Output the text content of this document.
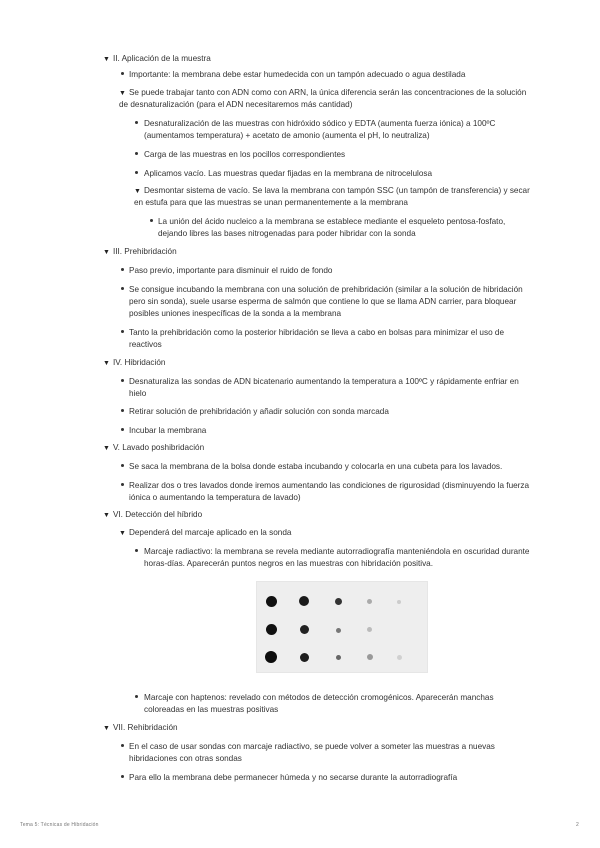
▼ II. Aplicación de la muestra
Importante: la membrana debe estar humedecida con un tampón adecuado o agua destilada
▼ Se puede trabajar tanto con ADN como con ARN, la única diferencia serán las concentraciones de la solución
de desnaturalización (para el ADN necesitaremos más cantidad)
Desnaturalización de las muestras con hidróxido sódico y EDTA (aumenta fuerza iónica) a 100ºC
(aumentamos temperatura) + acetato de amonio (aumenta el pH, lo neutraliza)
Carga de las muestras en los pocillos correspondientes
Aplicamos vacío. Las muestras quedar fijadas en la membrana de nitrocelulosa
▼ Desmontar sistema de vacío. Se lava la membrana con tampón SSC (un tampón de transferencia) y secar
en estufa para que las muestras se unan permanentemente a la membrana
La unión del ácido nucleico a la membrana se establece mediante el esqueleto pentosa-fosfato,
dejando libres las bases nitrogenadas para poder hibridar con la sonda
▼ III. Prehibridación
Paso previo, importante para disminuir el ruido de fondo
Se consigue incubando la membrana con una solución de prehibridación (similar a la solución de hibridación
pero sin sonda), suele usarse esperma de salmón que contiene lo que se llama ADN carrier, para bloquear
posibles uniones inespecíficas de la sonda a la membrana
Tanto la prehibridación como la posterior hibridación se lleva a cabo en bolsas para minimizar el uso de
reactivos
▼ IV. Hibridación
Desnaturaliza las sondas de ADN bicatenario aumentando la temperatura a 100ºC y rápidamente enfriar en
hielo
Retirar solución de prehibridación y añadir solución con sonda marcada
Incubar la membrana
▼ V. Lavado poshibridación
Se saca la membrana de la bolsa donde estaba incubando y colocarla en una cubeta para los lavados.
Realizar dos o tres lavados donde iremos aumentando las condiciones de rigurosidad (disminuyendo la fuerza
iónica o aumentando la temperatura de lavado)
▼ VI. Detección del híbrido
▼ Dependerá del marcaje aplicado en la sonda
Marcaje radiactivo: la membrana se revela mediante autorradiografía manteniéndola en oscuridad durante
horas-días. Aparecerán puntos negros en las muestras con hibridación positiva.
Marcaje con haptenos: revelado con métodos de detección cromogénicos. Aparecerán manchas
coloreadas en las muestras positivas
▼ VII. Rehibridación
En el caso de usar sondas con marcaje radiactivo, se puede volver a someter las muestras a nuevas
hibridaciones con otras sondas
Para ello la membrana debe permanecer húmeda y no secarse durante la autorradiografía
Tema 5: Técnicas de Hibridación	2
